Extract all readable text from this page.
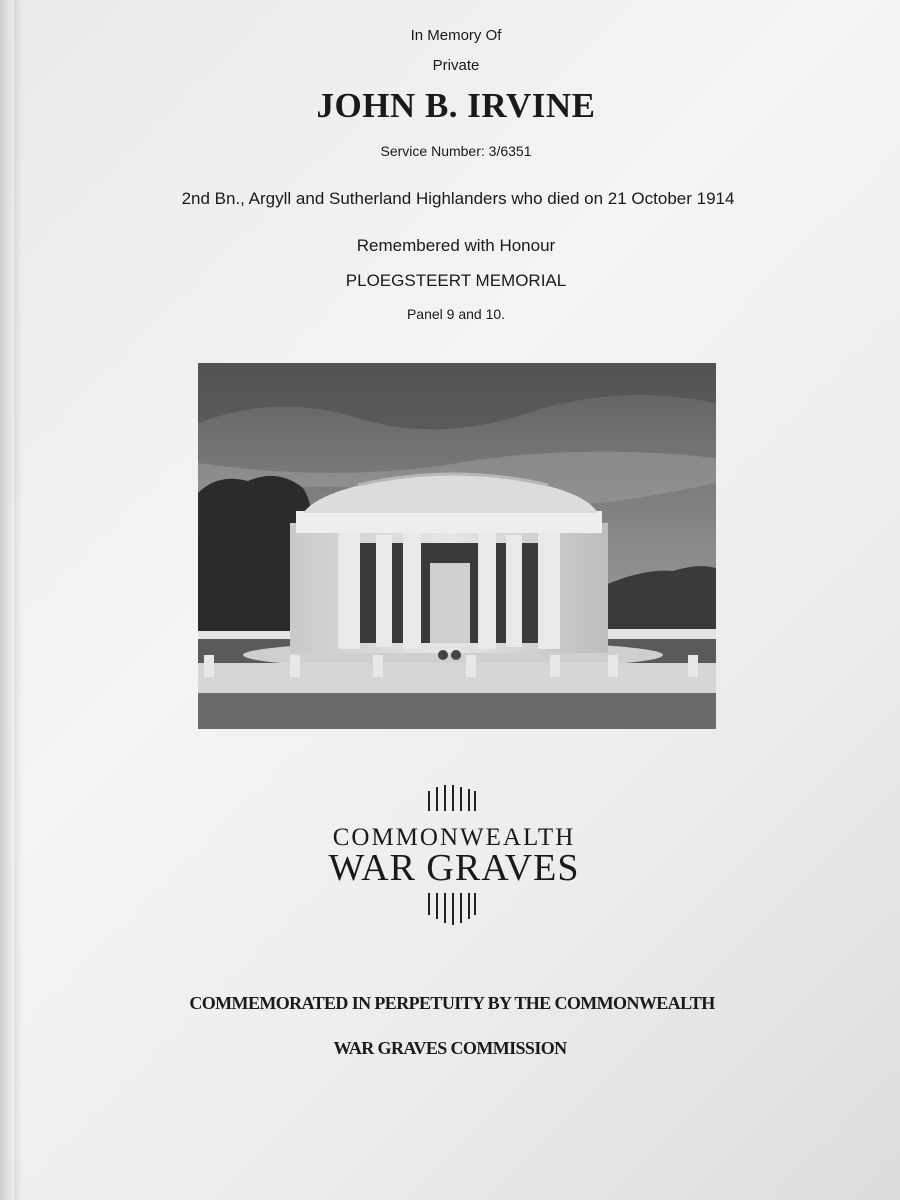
In Memory Of
Private
JOHN B. IRVINE
Service Number: 3/6351
2nd Bn., Argyll and Sutherland Highlanders who died on 21 October 1914
Remembered with Honour
PLOEGSTEERT MEMORIAL
Panel 9 and 10.
COMMONWEALTH
WAR GRAVES
COMMEMORATED IN PERPETUITY BY THE COMMONWEALTH
WAR GRAVES COMMISSION
